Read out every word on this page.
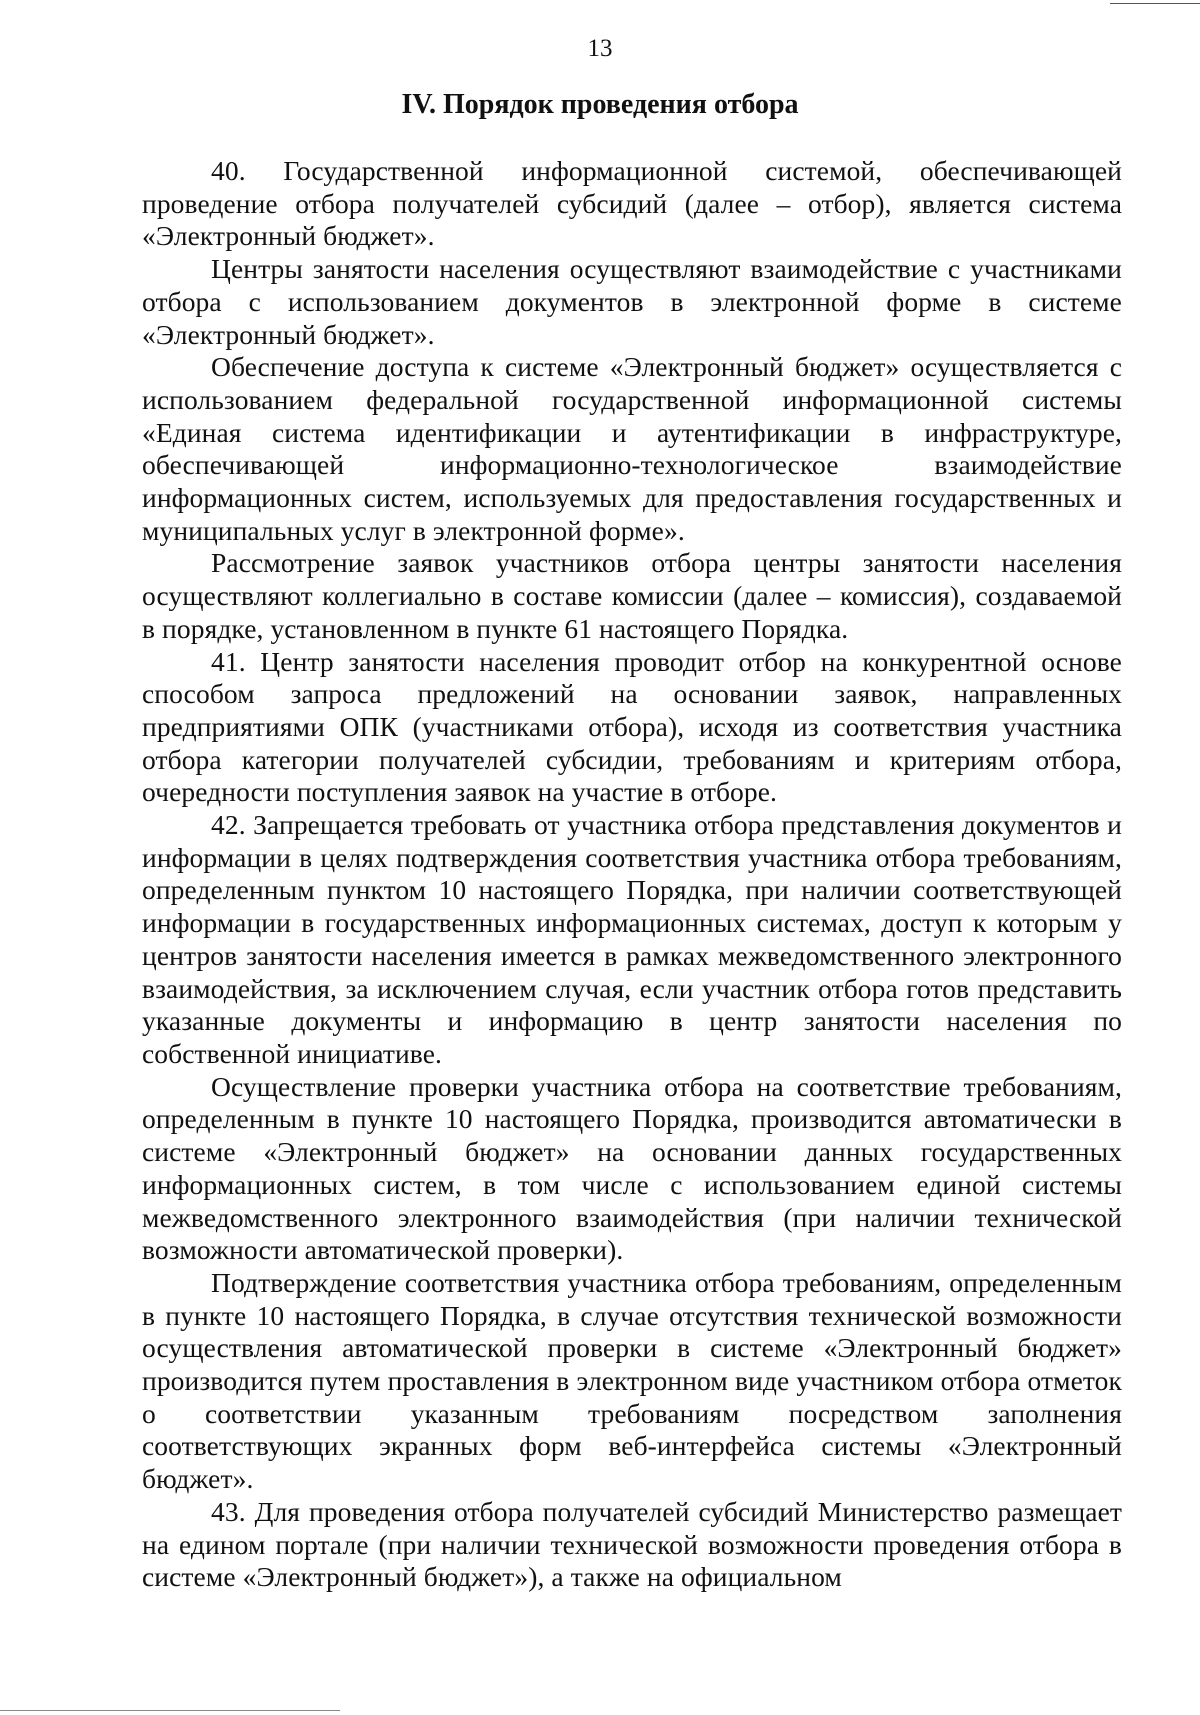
13
IV. Порядок проведения отбора

40. Государственной информационной системой, обеспечивающей проведение отбора получателей субсидий (далее – отбор), является система «Электронный бюджет».

Центры занятости населения осуществляют взаимодействие с участниками отбора с использованием документов в электронной форме в системе «Электронный бюджет».

Обеспечение доступа к системе «Электронный бюджет» осуществляется с использованием федеральной государственной информационной системы «Единая система идентификации и аутентификации в инфраструктуре, обеспечивающей информационно-технологическое взаимодействие информационных систем, используемых для предоставления государственных и муниципальных услуг в электронной форме».

Рассмотрение заявок участников отбора центры занятости населения осуществляют коллегиально в составе комиссии (далее – комиссия), создаваемой в порядке, установленном в пункте 61 настоящего Порядка.

41. Центр занятости населения проводит отбор на конкурентной основе способом запроса предложений на основании заявок, направленных предприятиями ОПК (участниками отбора), исходя из соответствия участника отбора категории получателей субсидии, требованиям и критериям отбора, очередности поступления заявок на участие в отборе.

42. Запрещается требовать от участника отбора представления документов и информации в целях подтверждения соответствия участника отбора требованиям, определенным пунктом 10 настоящего Порядка, при наличии соответствующей информации в государственных информационных системах, доступ к которым у центров занятости населения имеется в рамках межведомственного электронного взаимодействия, за исключением случая, если участник отбора готов представить указанные документы и информацию в центр занятости населения по собственной инициативе.

Осуществление проверки участника отбора на соответствие требованиям, определенным в пункте 10 настоящего Порядка, производится автоматически в системе «Электронный бюджет» на основании данных государственных информационных систем, в том числе с использованием единой системы межведомственного электронного взаимодействия (при наличии технической возможности автоматической проверки).

Подтверждение соответствия участника отбора требованиям, определенным в пункте 10 настоящего Порядка, в случае отсутствия технической возможности осуществления автоматической проверки в системе «Электронный бюджет» производится путем проставления в электронном виде участником отбора отметок о соответствии указанным требованиям посредством заполнения соответствующих экранных форм веб-интерфейса системы «Электронный бюджет».

43. Для проведения отбора получателей субсидий Министерство размещает на едином портале (при наличии технической возможности проведения отбора в системе «Электронный бюджет»), а также на официальном
